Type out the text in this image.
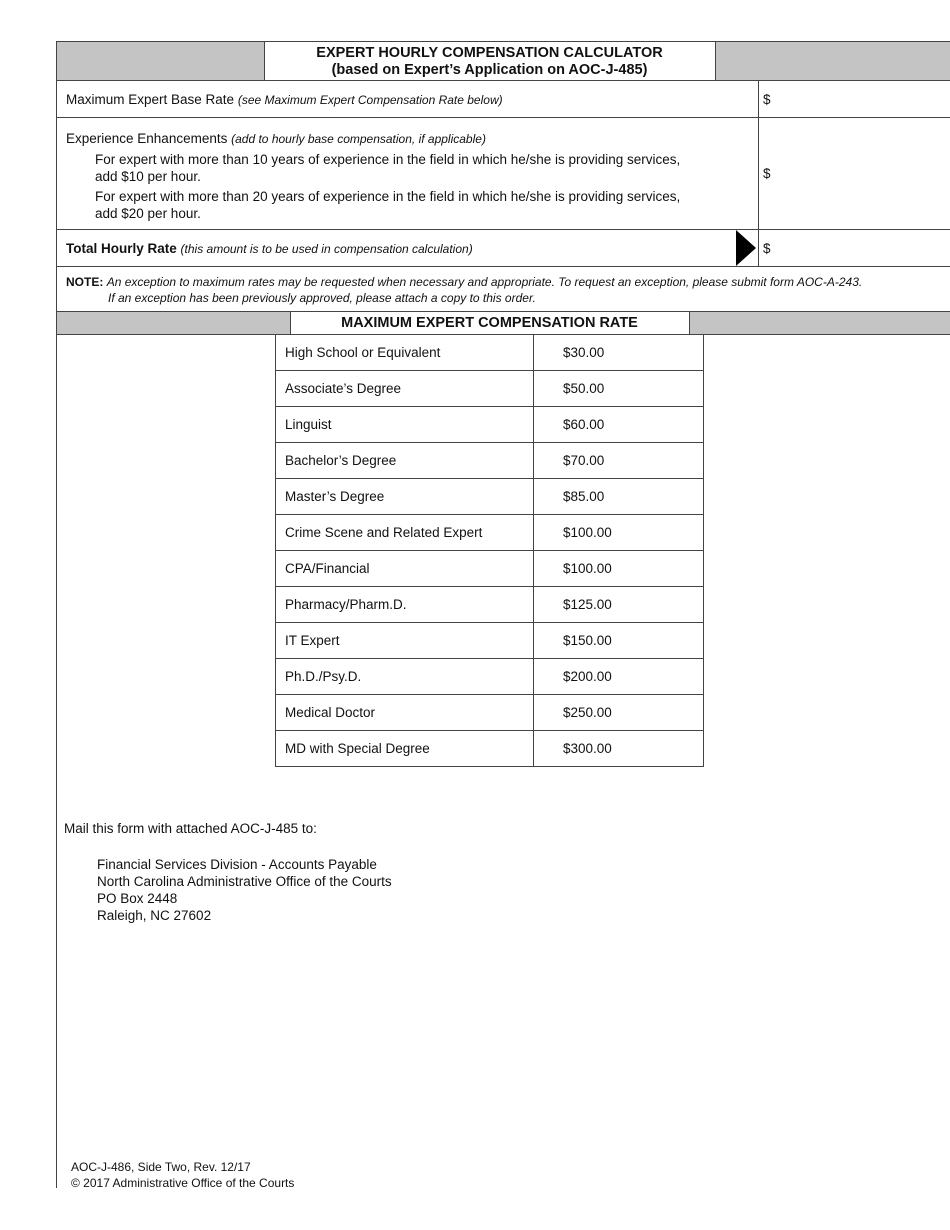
EXPERT HOURLY COMPENSATION CALCULATOR
(based on Expert’s Application on AOC-J-485)
Maximum Expert Base Rate (see Maximum Expert Compensation Rate below)	$
Experience Enhancements (add to hourly base compensation, if applicable)
For expert with more than 10 years of experience in the field in which he/she is providing services,
add $10 per hour.
For expert with more than 20 years of experience in the field in which he/she is providing services,
add $20 per hour.
$
Total Hourly Rate (this amount is to be used in compensation calculation)	$
NOTE: An exception to maximum rates may be requested when necessary and appropriate. To request an exception, please submit form AOC-A-243.
If an exception has been previously approved, please attach a copy to this order.
MAXIMUM EXPERT COMPENSATION RATE
High School or Equivalent	$30.00
Associate’s Degree	$50.00
Linguist	$60.00
Bachelor’s Degree	$70.00
Master’s Degree	$85.00
Crime Scene and Related Expert	$100.00
CPA/Financial	$100.00
Pharmacy/Pharm.D.	$125.00
IT Expert	$150.00
Ph.D./Psy.D.	$200.00
Medical Doctor	$250.00
MD with Special Degree	$300.00
Mail this form with attached AOC-J-485 to:
Financial Services Division - Accounts Payable
North Carolina Administrative Office of the Courts
PO Box 2448
Raleigh, NC 27602
AOC-J-486, Side Two, Rev. 12/17
© 2017 Administrative Office of the Courts
